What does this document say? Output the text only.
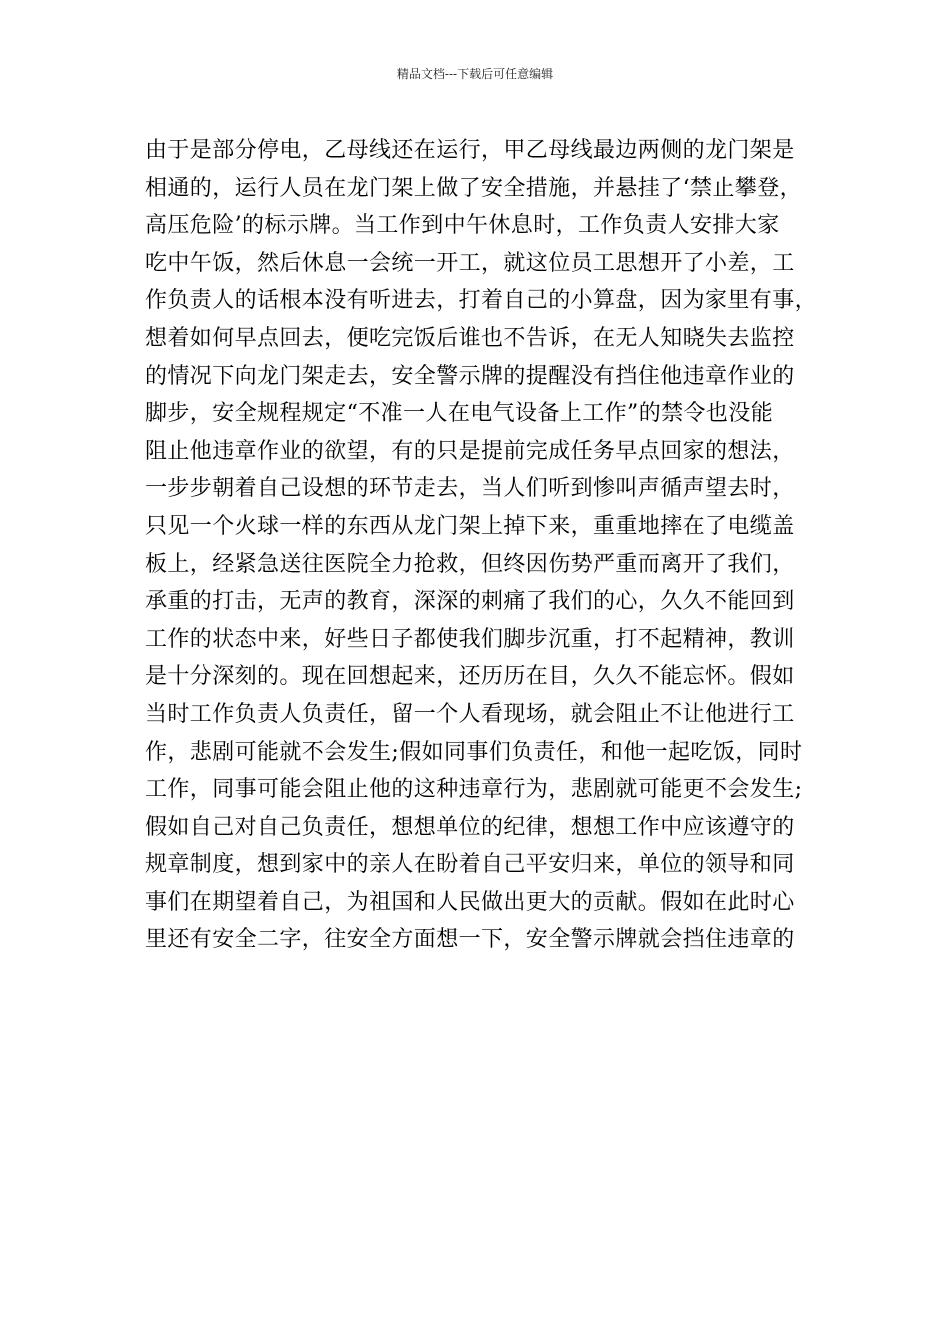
精品文档---下载后可任意编辑
由于是部分停电，乙母线还在运行，甲乙母线最边两侧的龙门架是
相通的，运行人员在龙门架上做了安全措施，并悬挂了‘禁止攀登，
高压危险’的标示牌。当工作到中午休息时，工作负责人安排大家
吃中午饭，然后休息一会统一开工，就这位员工思想开了小差，工
作负责人的话根本没有听进去，打着自己的小算盘，因为家里有事，
想着如何早点回去，便吃完饭后谁也不告诉，在无人知晓失去监控
的情况下向龙门架走去，安全警示牌的提醒没有挡住他违章作业的
脚步，安全规程规定“不准一人在电气设备上工作”的禁令也没能
阻止他违章作业的欲望，有的只是提前完成任务早点回家的想法，
一步步朝着自己设想的环节走去，当人们听到惨叫声循声望去时，
只见一个火球一样的东西从龙门架上掉下来，重重地摔在了电缆盖
板上，经紧急送往医院全力抢救，但终因伤势严重而离开了我们，
承重的打击，无声的教育，深深的刺痛了我们的心，久久不能回到
工作的状态中来，好些日子都使我们脚步沉重，打不起精神，教训
是十分深刻的。现在回想起来，还历历在目，久久不能忘怀。假如
当时工作负责人负责任，留一个人看现场，就会阻止不让他进行工
作，悲剧可能就不会发生;假如同事们负责任，和他一起吃饭，同时
工作，同事可能会阻止他的这种违章行为，悲剧就可能更不会发生;
假如自己对自己负责任，想想单位的纪律，想想工作中应该遵守的
规章制度，想到家中的亲人在盼着自己平安归来，单位的领导和同
事们在期望着自己，为祖国和人民做出更大的贡献。假如在此时心
里还有安全二字，往安全方面想一下，安全警示牌就会挡住违章的
